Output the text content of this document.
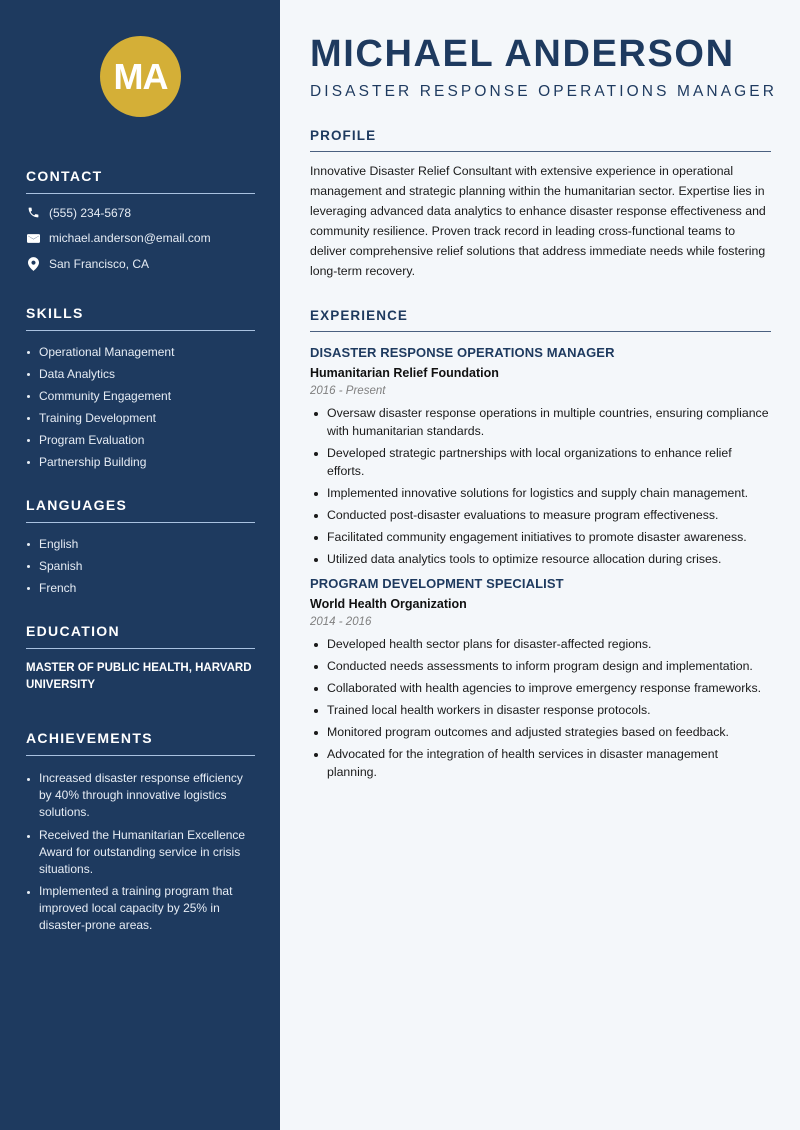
MA
CONTACT
(555) 234-5678
michael.anderson@email.com
San Francisco, CA
SKILLS
Operational Management
Data Analytics
Community Engagement
Training Development
Program Evaluation
Partnership Building
LANGUAGES
English
Spanish
French
EDUCATION
MASTER OF PUBLIC HEALTH, HARVARD UNIVERSITY
ACHIEVEMENTS
Increased disaster response efficiency by 40% through innovative logistics solutions.
Received the Humanitarian Excellence Award for outstanding service in crisis situations.
Implemented a training program that improved local capacity by 25% in disaster-prone areas.
MICHAEL ANDERSON
DISASTER RESPONSE OPERATIONS MANAGER
PROFILE

Innovative Disaster Relief Consultant with extensive experience in operational management and strategic planning within the humanitarian sector. Expertise lies in leveraging advanced data analytics to enhance disaster response effectiveness and community resilience. Proven track record in leading cross-functional teams to deliver comprehensive relief solutions that address immediate needs while fostering long-term recovery.

EXPERIENCE
DISASTER RESPONSE OPERATIONS MANAGER
Humanitarian Relief Foundation
2016 - Present
Oversaw disaster response operations in multiple countries, ensuring compliance with humanitarian standards.
Developed strategic partnerships with local organizations to enhance relief efforts.
Implemented innovative solutions for logistics and supply chain management.
Conducted post-disaster evaluations to measure program effectiveness.
Facilitated community engagement initiatives to promote disaster awareness.
Utilized data analytics tools to optimize resource allocation during crises.
PROGRAM DEVELOPMENT SPECIALIST
World Health Organization
2014 - 2016
Developed health sector plans for disaster-affected regions.
Conducted needs assessments to inform program design and implementation.
Collaborated with health agencies to improve emergency response frameworks.
Trained local health workers in disaster response protocols.
Monitored program outcomes and adjusted strategies based on feedback.
Advocated for the integration of health services in disaster management planning.
